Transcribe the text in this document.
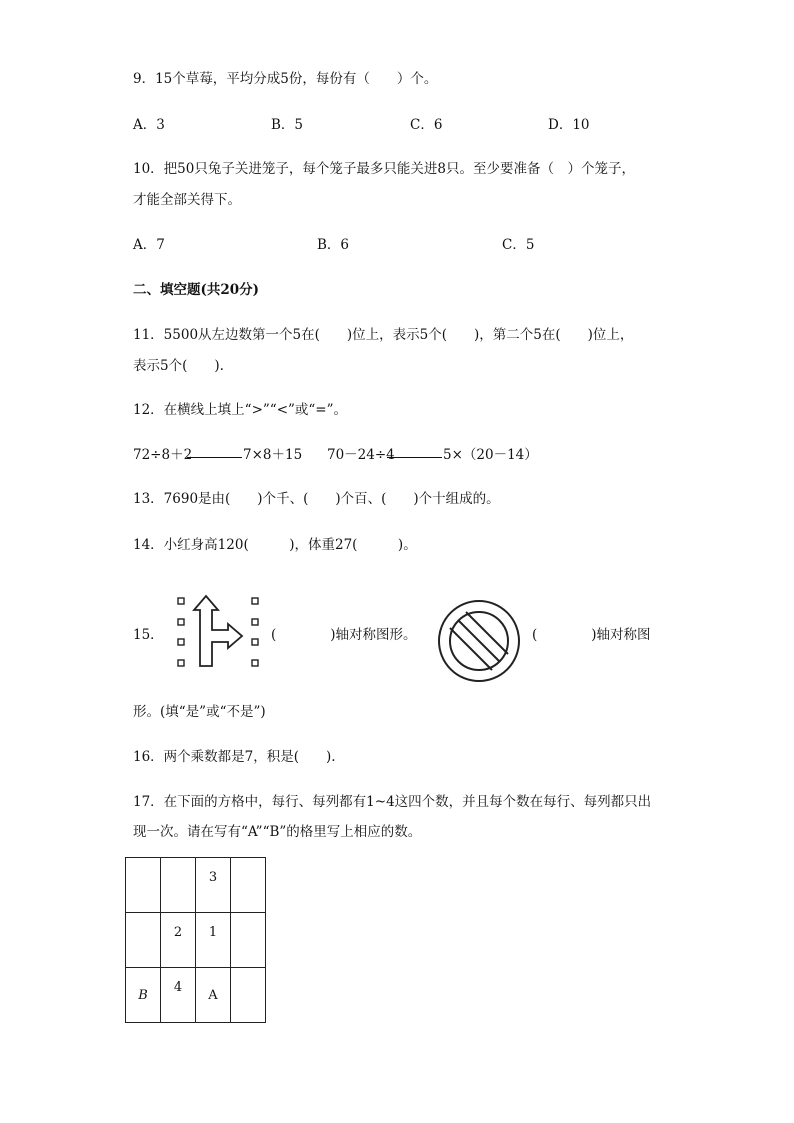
9．15个草莓，平均分成5份，每份有（　　）个。
A．3	B．5	C．6	D．10
10．把50只兔子关进笼子，每个笼子最多只能关进8只。至少要准备（　）个笼子，
才能全部关得下。
A．7	B．6	C．5
二、填空题(共20分)
11．5500从左边数第一个5在(　　)位上，表示5个(　　)，第二个5在(　　)位上，
表示5个(　　).
12．在横线上填上“>”“<”或“=”。
72÷8＋2	7×8＋15 70－24÷4	5×（20－14）
13．7690是由(　　)个千、(　　)个百、(　　)个十组成的。
14．小红身高120(　　　)，体重27(　　　)。
15．	(　　　　)轴对称图形。	(　　　　)轴对称图
形。(填“是”或“不是”)
16．两个乘数都是7，积是(　　).
17．在下面的方格中，每行、每列都有1~4这四个数，并且每个数在每行、每列都只出
现一次。请在写有“A”“B”的格里写上相应的数。
		3	
	2	1	
B	4	A	
